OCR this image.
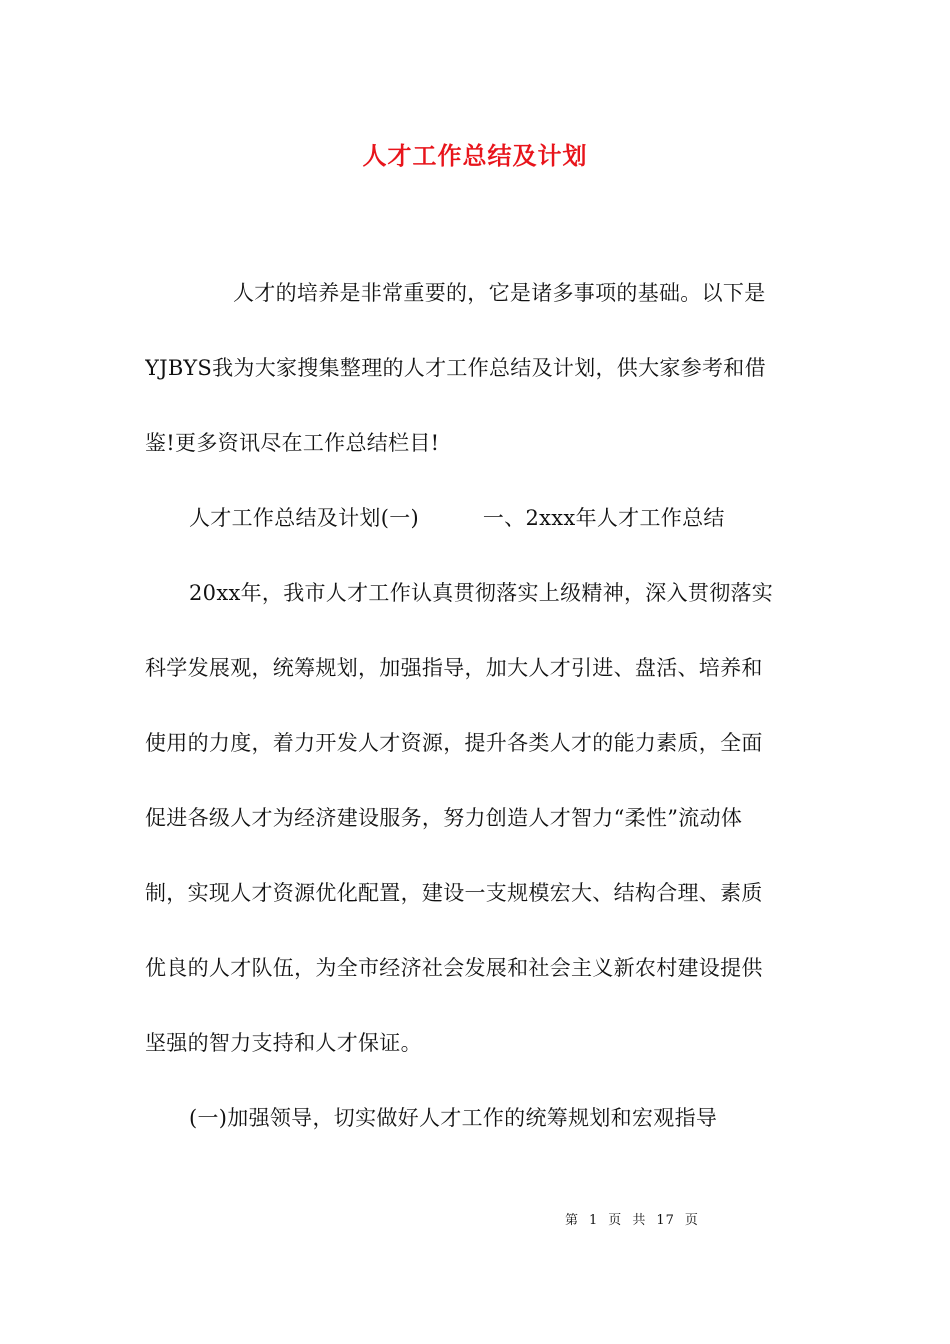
人才工作总结及计划
人才的培养是非常重要的，它是诸多事项的基础。以下是
YJBYS我为大家搜集整理的人才工作总结及计划，供大家参考和借
鉴!更多资讯尽在工作总结栏目!
人才工作总结及计划(一)　　　一、2xxx年人才工作总结
20xx年，我市人才工作认真贯彻落实上级精神，深入贯彻落实
科学发展观，统筹规划，加强指导，加大人才引进、盘活、培养和
使用的力度，着力开发人才资源，提升各类人才的能力素质，全面
促进各级人才为经济建设服务，努力创造人才智力“柔性”流动体
制，实现人才资源优化配置，建设一支规模宏大、结构合理、素质
优良的人才队伍，为全市经济社会发展和社会主义新农村建设提供
坚强的智力支持和人才保证。
(一)加强领导，切实做好人才工作的统筹规划和宏观指导
第 1 页 共 17 页
